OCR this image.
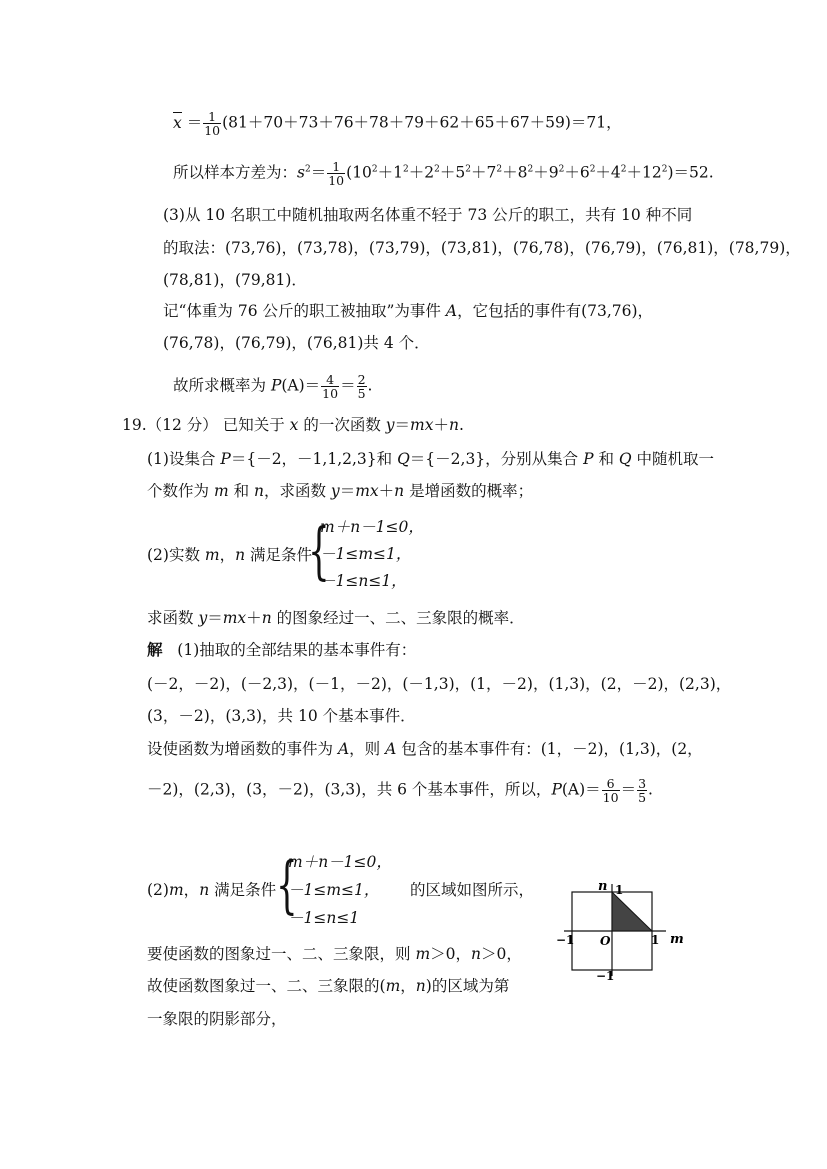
$x = \frac{1}{10} (81+70+73+76+78+79+62+65+67+59)=71$，
所以样本方差为：$s^2= \frac{1}{10} (10^2+1^2+2^2+5^2+7^2+8^2+9^2+6^2+4^2+12^2)=52$.
(3)从 10 名职工中随机抽取两名体重不轻于 73 公斤的职工，共有 10 种不同
的取法：(73,76)，(73,78)，(73,79)，(73,81)，(76,78)，(76,79)，(76,81)，(78,79)，
(78,81)，(79,81)．
记“体重为 76 公斤的职工被抽取”为事件 A，它包括的事件有(73,76)，
(76,78)，(76,79)，(76,81)共 4 个．
故所求概率为 $P(A)= \frac{4}{10} = \frac{2}{5}$ .
19.（12 分） 已知关于 x 的一次函数 y＝mx＋n.
(1)设集合 P＝{－2，－1,1,2,3}和 Q＝{－2,3}，分别从集合 P 和 Q 中随机取一
个数作为 m 和 n，求函数 y＝mx＋n 是增函数的概率；
(2)实数 m，n 满足条件
{
m＋n－1≤0，
－1≤m≤1，
－1≤n≤1，
求函数 y＝mx＋n 的图象经过一、二、三象限的概率．
解 (1)抽取的全部结果的基本事件有：
(－2，－2)，(－2,3)，(－1，－2)，(－1,3)，(1，－2)，(1,3)，(2，－2)，(2,3)，
(3，－2)，(3,3)，共 10 个基本事件．
设使函数为增函数的事件为 A，则 A 包含的基本事件有：(1，－2)，(1,3)，(2，
－2)，(2,3)，(3，－2)，(3,3)，共 6 个基本事件，所以，$P(A)= \frac{6}{10} = \frac{3}{5}$ .
(2)m，n 满足条件 {
m＋n－1≤0，
－1≤m≤1，
－1≤n≤1
的区域如图所示，
要使函数的图象过一、二、三象限，则 m＞0，n＞0，
故使函数图象过一、二、三象限的(m，n)的区域为第
一象限的阴影部分，
n 1
m
1
−1 O
−1
